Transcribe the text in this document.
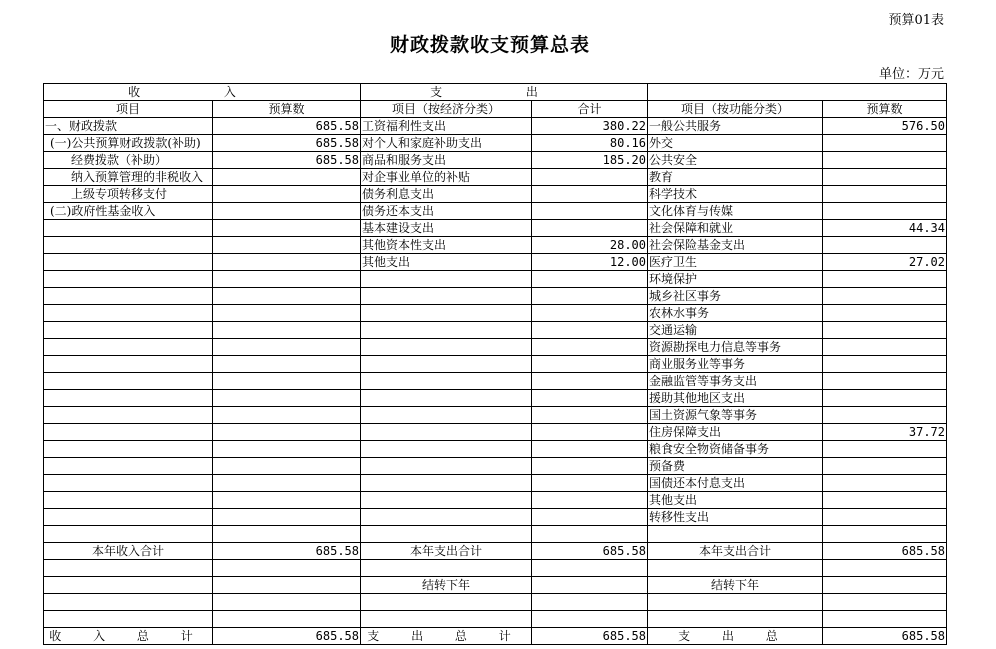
预算01表
财政拨款收支预算总表
单位：万元
收 入		支 出			
项目	预算数	项目（按经济分类）	合计	项目（按功能分类）	预算数
一、财政拨款	685.58	工资福利性支出	380.22	一般公共服务	576.50
(一)公共预算财政拨款(补助)	685.58	对个人和家庭补助支出	80.16	外交	
经费拨款（补助）	685.58	商品和服务支出	185.20	公共安全	
纳入预算管理的非税收入		对企事业单位的补贴		教育	
上级专项转移支付		债务利息支出		科学技术	
(二)政府性基金收入		债务还本支出		文化体育与传媒	
		基本建设支出		社会保障和就业	44.34
		其他资本性支出	28.00	社会保险基金支出	
		其他支出	12.00	医疗卫生	27.02
				环境保护	
				城乡社区事务	
				农林水事务	
				交通运输	
				资源勘探电力信息等事务	
				商业服务业等事务	
				金融监管等事务支出	
				援助其他地区支出	
				国土资源气象等事务	
				住房保障支出	37.72
				粮食安全物资储备事务	
				预备费	
				国债还本付息支出	
				其他支出	
				转移性支出	

本年收入合计	685.58	本年支出合计	685.58	本年支出合计	685.58

		结转下年		结转下年	

收 入 总 计	685.58	支 出 总 计	685.58	支 出 总	685.58
